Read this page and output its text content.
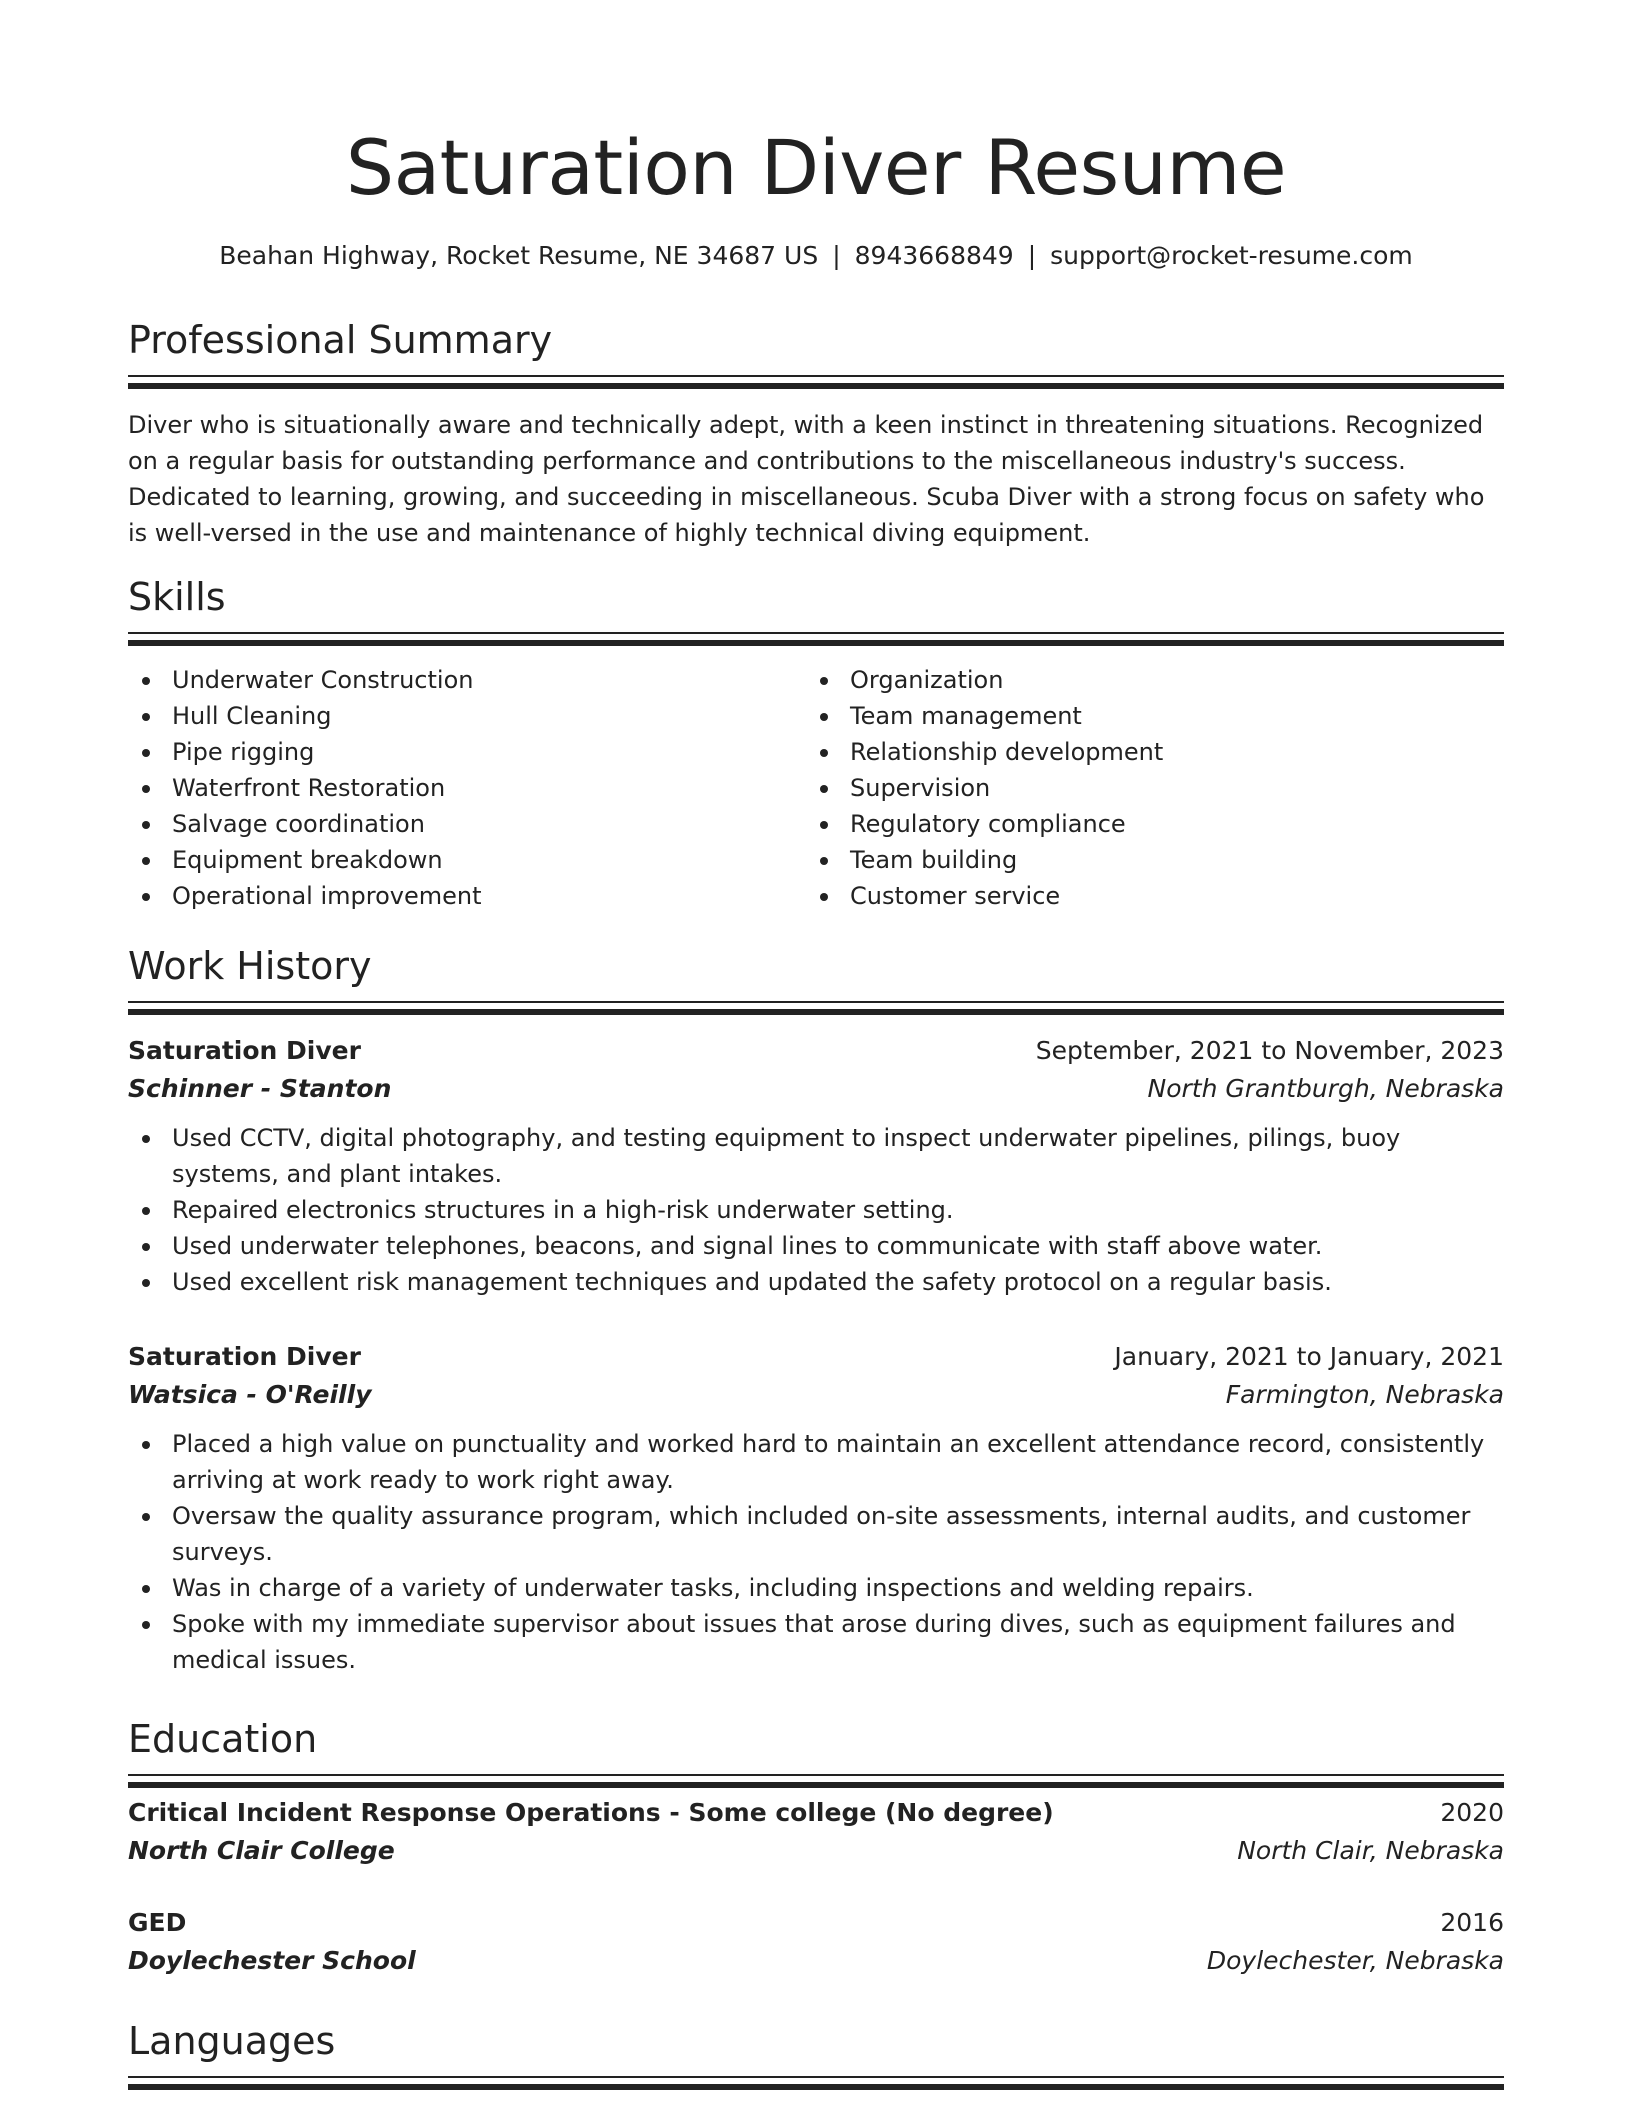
Saturation Diver Resume
Beahan Highway, Rocket Resume, NE 34687 US | 8943668849 | support@rocket-resume.com
Professional Summary
Diver who is situationally aware and technically adept, with a keen instinct in threatening situations. Recognized on a regular basis for outstanding performance and contributions to the miscellaneous industry's success. Dedicated to learning, growing, and succeeding in miscellaneous. Scuba Diver with a strong focus on safety who is well-versed in the use and maintenance of highly technical diving equipment.
Skills
Underwater Construction
Hull Cleaning
Pipe rigging
Waterfront Restoration
Salvage coordination
Equipment breakdown
Operational improvement
Organization
Team management
Relationship development
Supervision
Regulatory compliance
Team building
Customer service
Work History
Saturation Diver	September, 2021 to November, 2023
Schinner - Stanton	North Grantburgh, Nebraska
Used CCTV, digital photography, and testing equipment to inspect underwater pipelines, pilings, buoy systems, and plant intakes.
Repaired electronics structures in a high-risk underwater setting.
Used underwater telephones, beacons, and signal lines to communicate with staff above water.
Used excellent risk management techniques and updated the safety protocol on a regular basis.
Saturation Diver	January, 2021 to January, 2021
Watsica - O'Reilly	Farmington, Nebraska
Placed a high value on punctuality and worked hard to maintain an excellent attendance record, consistently arriving at work ready to work right away.
Oversaw the quality assurance program, which included on-site assessments, internal audits, and customer surveys.
Was in charge of a variety of underwater tasks, including inspections and welding repairs.
Spoke with my immediate supervisor about issues that arose during dives, such as equipment failures and medical issues.
Education
Critical Incident Response Operations - Some college (No degree)	2020
North Clair College	North Clair, Nebraska
GED	2016
Doylechester School	Doylechester, Nebraska
Languages
